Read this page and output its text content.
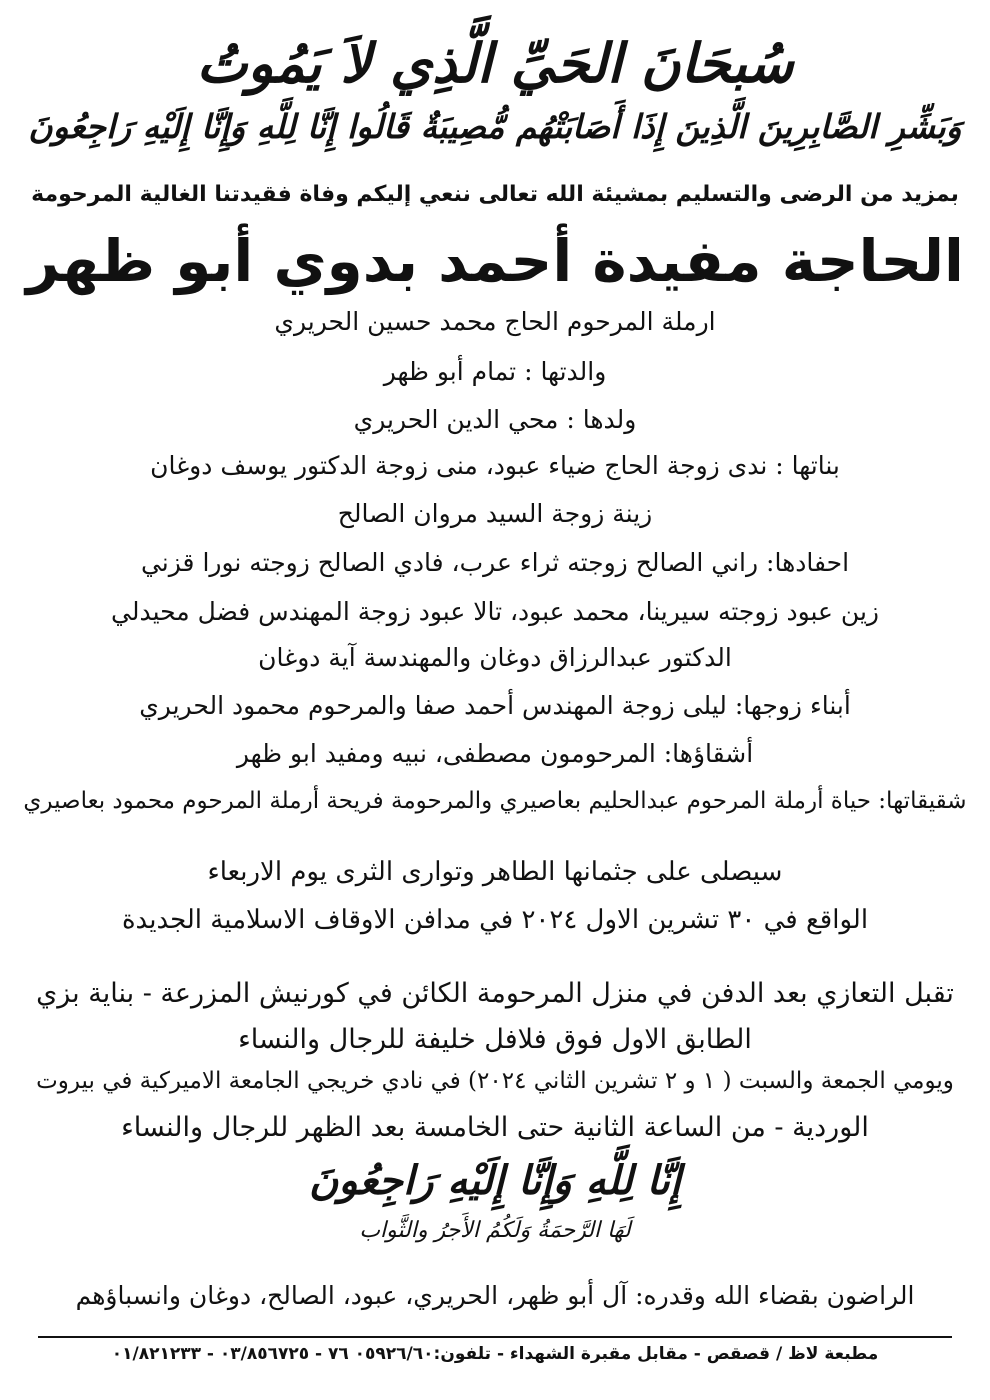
سُبحَانَ الحَيِّ الَّذِي لاَ يَمُوتُ
وَبَشِّرِ الصَّابِرِينَ الَّذِينَ إِذَا أَصَابَتْهُم مُّصِيبَةٌ قَالُوا إِنَّا لِلَّهِ وَإِنَّا إِلَيْهِ رَاجِعُونَ
بمزيد من الرضى والتسليم بمشيئة الله تعالى ننعي إليكم وفاة فقيدتنا الغالية المرحومة
الحاجة مفيدة أحمد بدوي أبو ظهر
ارملة المرحوم الحاج محمد حسين الحريري
والدتها : تمام أبو ظهر
ولدها : محي الدين الحريري
بناتها : ندى زوجة الحاج ضياء عبود، منى زوجة الدكتور يوسف دوغان
زينة زوجة السيد مروان الصالح
احفادها: راني الصالح زوجته ثراء عرب، فادي الصالح زوجته نورا قزني
زين عبود زوجته سيرينا، محمد عبود، تالا عبود زوجة المهندس فضل محيدلي
الدكتور عبدالرزاق دوغان والمهندسة آية دوغان
أبناء زوجها: ليلى زوجة المهندس أحمد صفا والمرحوم محمود الحريري
أشقاؤها: المرحومون مصطفى، نبيه ومفيد ابو ظهر
شقيقاتها: حياة أرملة المرحوم عبدالحليم بعاصيري والمرحومة فريحة أرملة المرحوم محمود بعاصيري
سيصلى على جثمانها الطاهر وتوارى الثرى يوم الاربعاء
الواقع في ٣٠ تشرين الاول ٢٠٢٤ في مدافن الاوقاف الاسلامية الجديدة
تقبل التعازي بعد الدفن في منزل المرحومة الكائن في كورنيش المزرعة - بناية بزي
الطابق الاول فوق فلافل خليفة للرجال والنساء
ويومي الجمعة والسبت ( ١ و ٢ تشرين الثاني ٢٠٢٤) في نادي خريجي الجامعة الاميركية في بيروت
الوردية - من الساعة الثانية حتى الخامسة بعد الظهر للرجال والنساء
إِنَّا لِلَّهِ وَإِنَّا إِلَيْهِ رَاجِعُونَ
لَهَا الرَّحمَةُ وَلَكُمُ الأَجرُ والثَّواب
الراضون بقضاء الله وقدره: آل أبو ظهر، الحريري، عبود، الصالح، دوغان وانسباؤهم
مطبعة لاظ / قصقص - مقابل مقبرة الشهداء - تلفون:٠٥٩٢٦/٦٠ ٧٦ - ٠٣/٨٥٦٧٢٥ - ٠١/٨٢١٢٣٣
